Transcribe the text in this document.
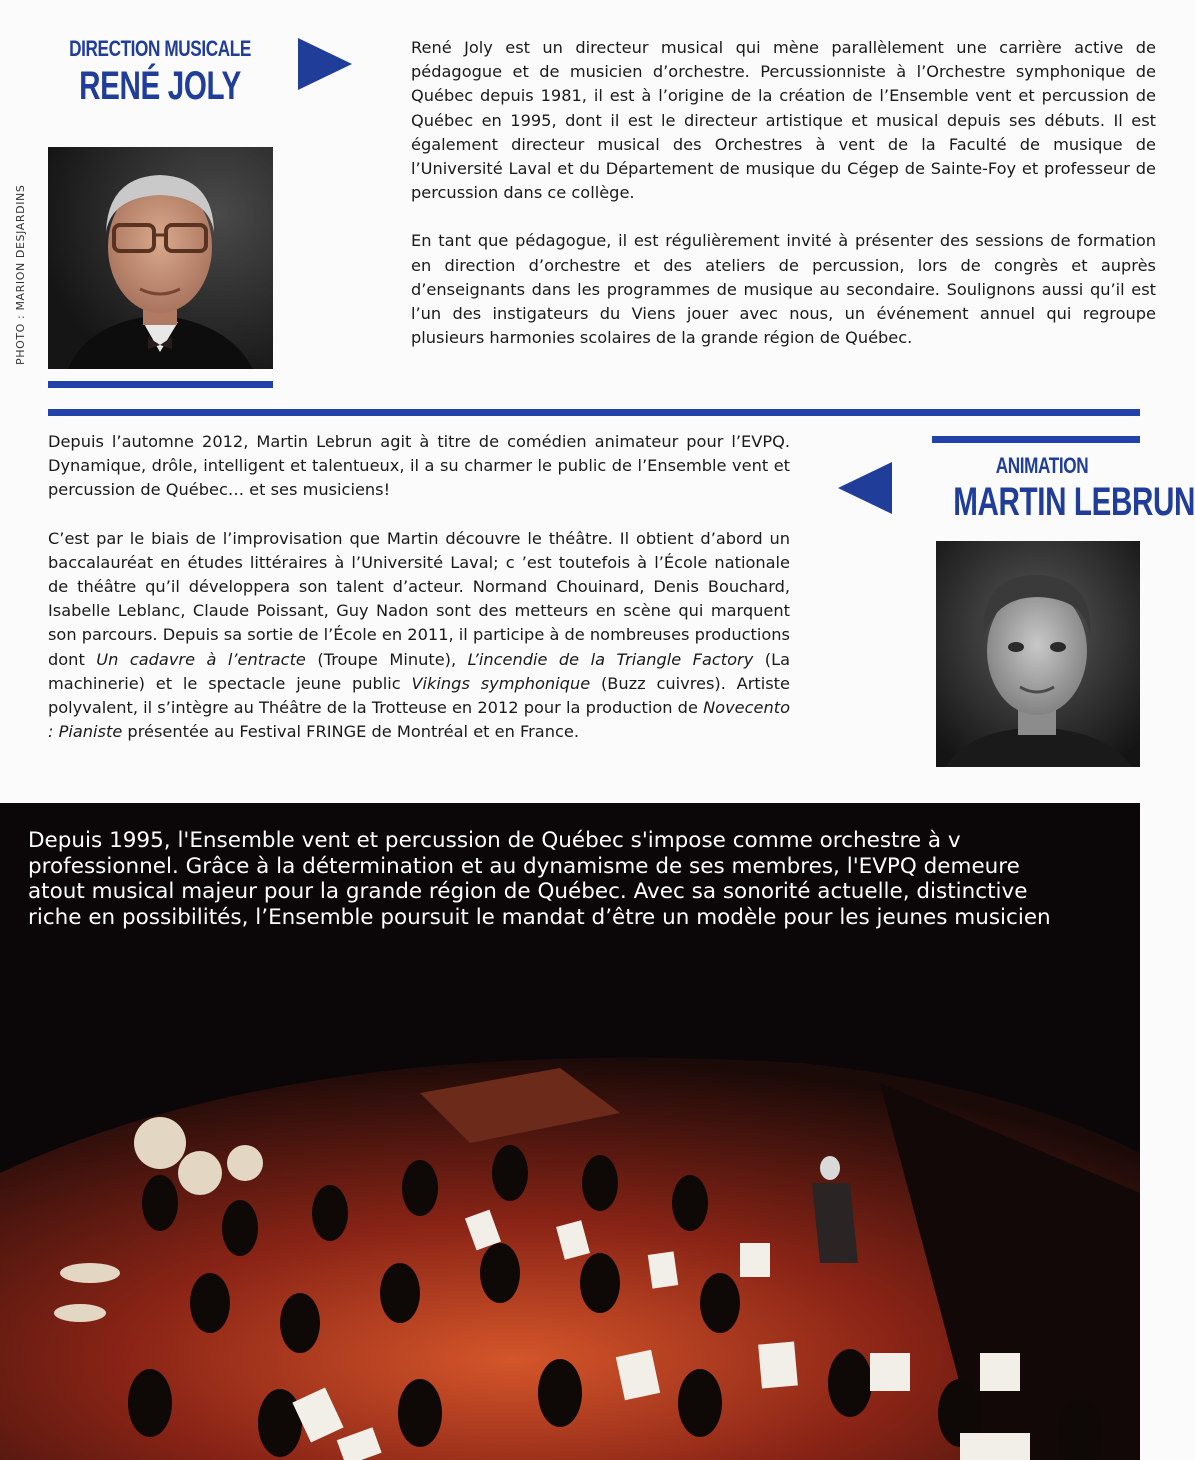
DIRECTION MUSICALE
RENÉ JOLY
PHOTO : MARION DESJARDINS

René Joly est un directeur musical qui mène parallèlement une carrière active de pédagogue et de musicien d’orchestre. Percussionniste à l’Orchestre symphonique de Québec depuis 1981, il est à l’origine de la création de l’Ensemble vent et percussion de Québec en 1995, dont il est le directeur artistique et musical depuis ses débuts. Il est également directeur musical des Orchestres à vent de la Faculté de musique de l’Université Laval et du Département de musique du Cégep de Sainte-Foy et professeur de percussion dans ce collège.

En tant que pédagogue, il est régulièrement invité à présenter des sessions de formation en direction d’orchestre et des ateliers de percussion, lors de congrès et auprès d’enseignants dans les programmes de musique au secondaire. Soulignons aussi qu’il est l’un des instigateurs du Viens jouer avec nous, un événement annuel qui regroupe plusieurs harmonies scolaires de la grande région de Québec.

Depuis l’automne 2012, Martin Lebrun agit à titre de comédien animateur pour l’EVPQ. Dynamique, drôle, intelligent et talentueux, il a su charmer le public de l’Ensemble vent et percussion de Québec… et ses musiciens!

C’est par le biais de l’improvisation que Martin découvre le théâtre. Il obtient d’abord un baccalauréat en études littéraires à l’Université Laval; c ’est toutefois à l’École nationale de théâtre qu’il développera son talent d’acteur. Normand Chouinard, Denis Bouchard, Isabelle Leblanc, Claude Poissant, Guy Nadon sont des metteurs en scène qui marquent son parcours. Depuis sa sortie de l’École en 2011, il participe à de nombreuses productions dont Un cadavre à l’entracte (Troupe Minute), L’incendie de la Triangle Factory (La machinerie) et le spectacle jeune public Vikings symphonique (Buzz cuivres). Artiste polyvalent, il s’intègre au Théâtre de la Trotteuse en 2012 pour la production de Novecento : Pianiste présentée au Festival FRINGE de Montréal et en France.

ANIMATION
MARTIN LEBRUN

Depuis 1995, l'Ensemble vent et percussion de Québec s'impose comme orchestre à v

professionnel. Grâce à la détermination et au dynamisme de ses membres, l'EVPQ demeure

atout musical majeur pour la grande région de Québec. Avec sa sonorité actuelle, distinctive

riche en possibilités, l’Ensemble poursuit le mandat d’être un modèle pour les jeunes musicien
